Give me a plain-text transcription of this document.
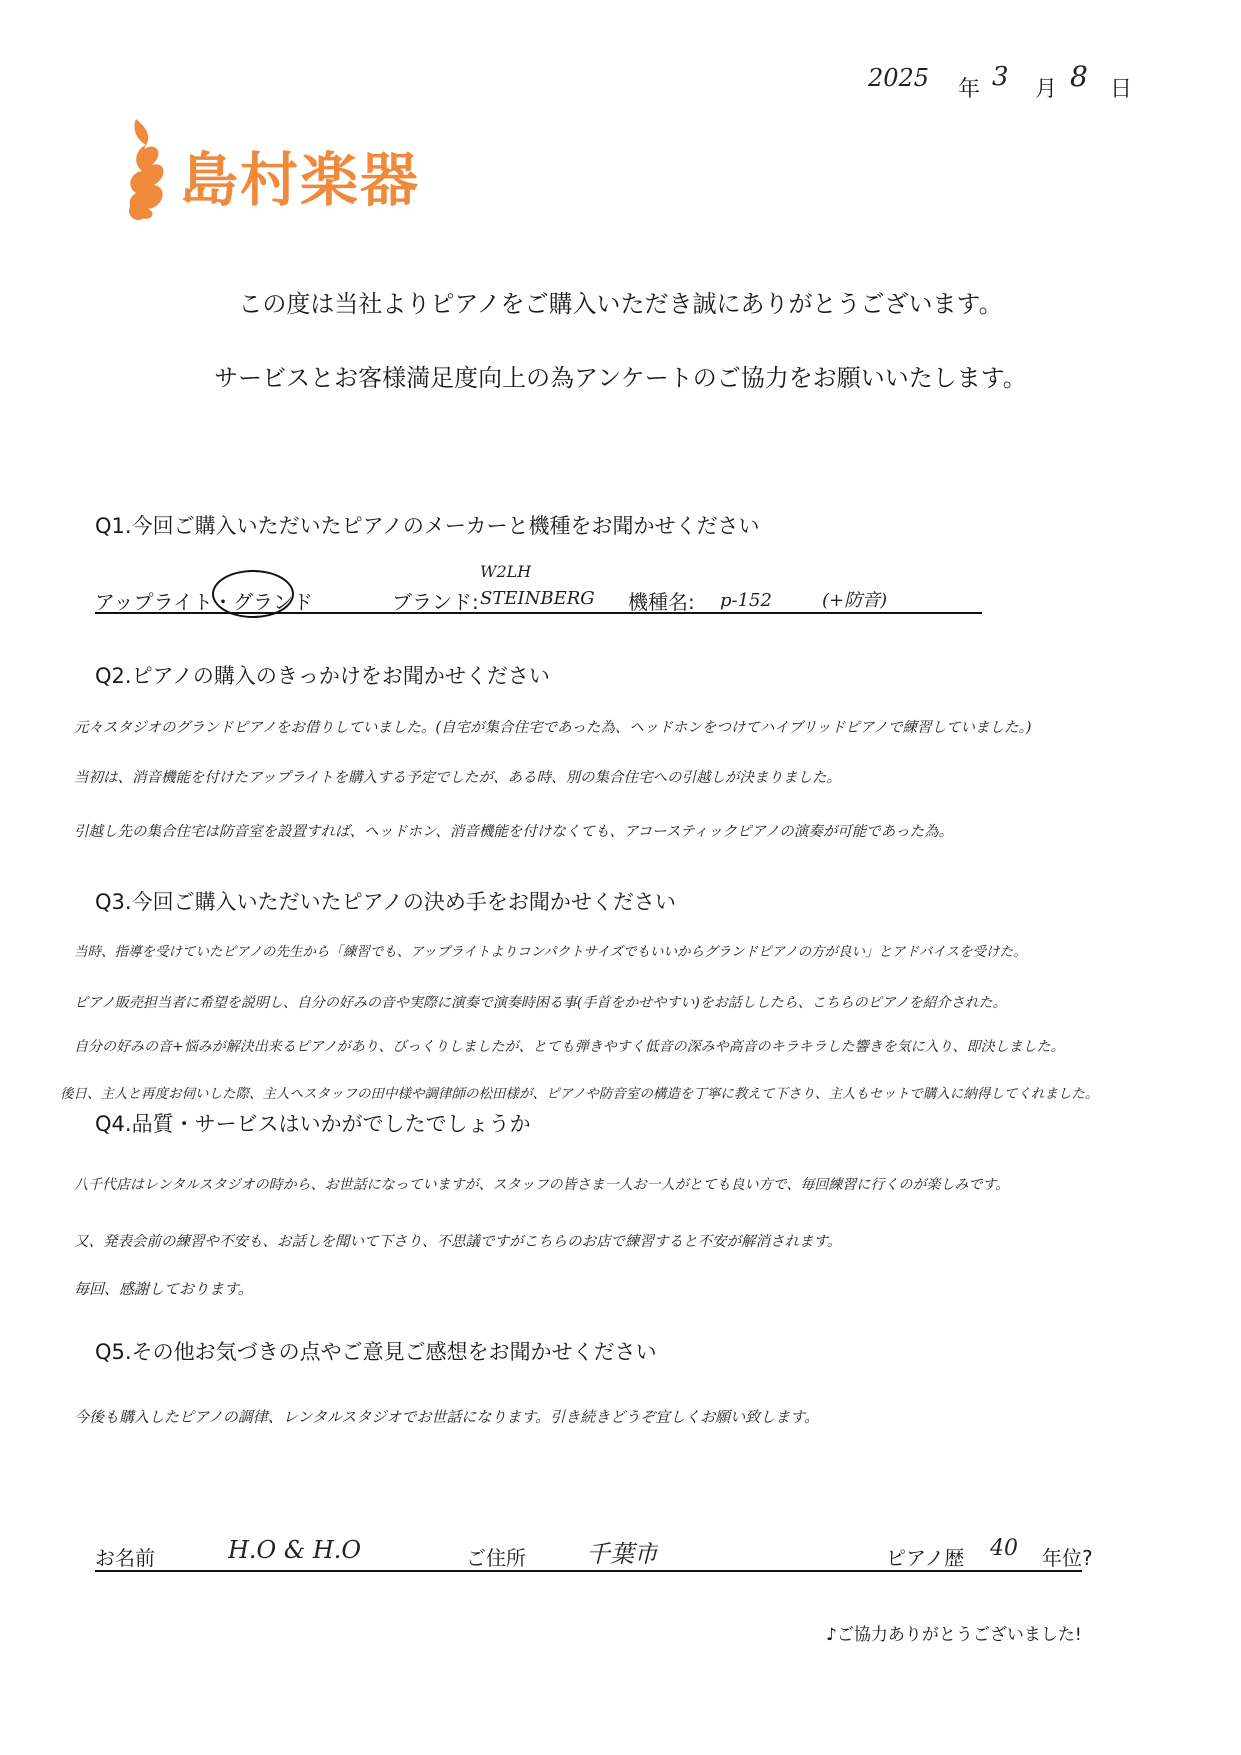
2025 年 3 月 8 日
島村楽器
この度は当社よりピアノをご購入いただき誠にありがとうございます。
サービスとお客様満足度向上の為アンケートのご協力をお願いいたします。
Q1.今回ご購入いただいたピアノのメーカーと機種をお聞かせください
アップライト・グランド	ブランド:
W2LH
STEINBERG 機種名: p-152	(+防音)
Q2.ピアノの購入のきっかけをお聞かせください
元々スタジオのグランドピアノをお借りしていました。(自宅が集合住宅であった為、ヘッドホンをつけてハイブリッドピアノで練習していました。)
当初は、消音機能を付けたアップライトを購入する予定でしたが、ある時、別の集合住宅への引越しが決まりました。
引越し先の集合住宅は防音室を設置すれば、ヘッドホン、消音機能を付けなくても、アコースティックピアノの演奏が可能であった為。
Q3.今回ご購入いただいたピアノの決め手をお聞かせください
当時、指導を受けていたピアノの先生から「練習でも、アップライトよりコンパクトサイズでもいいからグランドピアノの方が良い」とアドバイスを受けた。
ピアノ販売担当者に希望を説明し、自分の好みの音や実際に演奏で演奏時困る事(手首をかせやすい)をお話ししたら、こちらのピアノを紹介された。
自分の好みの音+悩みが解決出来るピアノがあり、びっくりしましたが、とても弾きやすく低音の深みや高音のキラキラした響きを気に入り、即決しました。
後日、主人と再度お伺いした際、主人へスタッフの田中様や調律師の松田様が、ピアノや防音室の構造を丁寧に教えて下さり、主人もセットで購入に納得してくれました。
Q4.品質・サービスはいかがでしたでしょうか
八千代店はレンタルスタジオの時から、お世話になっていますが、スタッフの皆さま一人お一人がとても良い方で、毎回練習に行くのが楽しみです。
又、発表会前の練習や不安も、お話しを聞いて下さり、不思議ですがこちらのお店で練習すると不安が解消されます。
毎回、感謝しております。
Q5.その他お気づきの点やご意見ご感想をお聞かせください
今後も購入したピアノの調律、レンタルスタジオでお世話になります。引き続きどうぞ宜しくお願い致します。
お名前	H.O & H.O	ご住所	千葉市	ピアノ歴 40 年位?
♪ご協力ありがとうございました!
